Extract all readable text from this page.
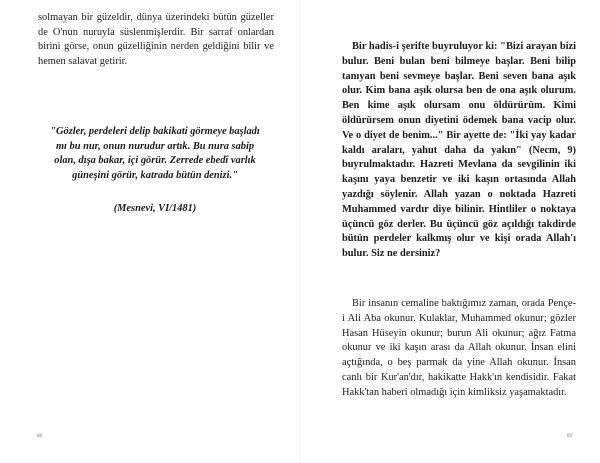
solmayan bir güzeldir, dünya üzerindeki bütün güzeller de O'nun nuruyla süslenmişlerdir. Bir sarraf onlardan birini görse, onun güzelliğinin nerden geldiğini bilir ve hemen salavat getirir.

"Gözler, perdeleri delip bakikati görmeye başladı mı bu nur, onun nurudur artık. Bu nura sabip olan, dışa bakar, içi görür. Zerrede ebedî varlık güneşini görür, katrada bütün denizi."

(Mesnevi, VI/1481)

88

Bir hadis-i şerifte buyruluyor ki: "Bizi arayan bizi bulur. Beni bulan beni bilmeye başlar. Beni bilip tanıyan beni sevmeye başlar. Beni seven bana aşık olur. Kim bana aşık olursa ben de ona aşık olurum. Ben kime aşık olursam onu öldürürüm. Kimi öldürürsem onun diyetini ödemek bana vacip olur. Ve o diyet de benim..." Bir ayette de: "İki yay kadar kaldı araları, yahut daha da yakın" (Necm, 9) buyrulmaktadır. Hazreti Mevlana da sevgilinin iki kaşını yaya benzetir ve iki kaşın ortasında Allah yazdığı söylenir. Allah yazan o noktada Hazreti Muhammed vardır diye bilinir. Hintliler o noktaya üçüncü göz derler. Bu üçüncü göz açıldığı takdirde bütün perdeler kalkmış olur ve kişi orada Allah'ı bulur. Siz ne dersiniz?

Bir insanın cemaline baktığımız zaman, orada Pençe-i Ali Aba okunur. Kulaklar, Muhammed okunur; gözler Hasan Hüseyin okunur; burun Ali okunur; ağız Fatma okunur ve iki kaşın arası da Allah okunur. İnsan elini açtığında, o beş parmak da yine Allah okunur. İnsan canlı bir Kur'an'dır, hakikatte Hakk'ın kendisidir. Fakat Hakk'tan haberi olmadığı için kimliksiz yaşamaktadır.

89
